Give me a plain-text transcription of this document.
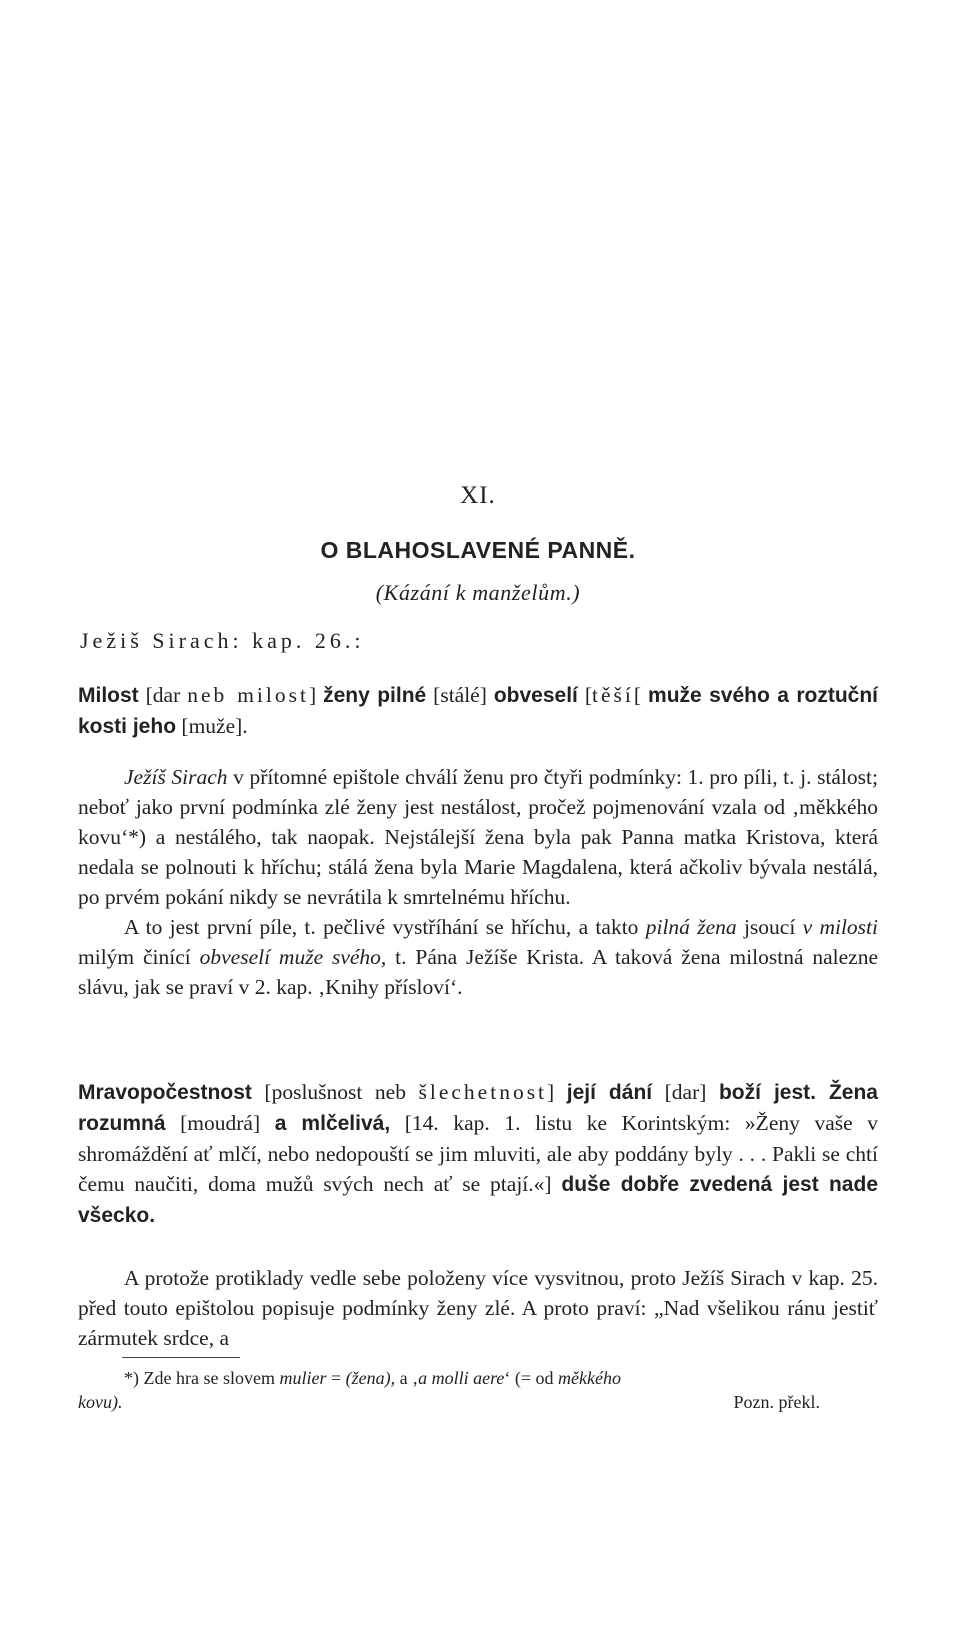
XI.
O BLAHOSLAVENÉ PANNĚ.
(Kázání k manželům.)
Ježiš Sirach: kap. 26.:

Milost [dar neb milost] ženy pilné [stálé] obveselí [těší[ muže svého a roztuční kosti jeho [muže].

Ježíš Sirach v přítomné epištole chválí ženu pro čtyři podmínky: 1. pro píli, t. j. stálost; neboť jako první podmínka zlé ženy jest nestálost, pročež pojmenování vzala od ‚měkkého kovu‘*) a nestálého, tak naopak. Nejstálejší žena byla pak Panna matka Kristova, která nedala se polnouti k hříchu; stálá žena byla Marie Magdalena, která ačkoliv bývala nestálá, po prvém pokání nikdy se nevrátila k smrtelnému hříchu.

A to jest první píle, t. pečlivé vystříhání se hříchu, a takto pilná žena jsoucí v milosti milým činící obveselí muže svého, t. Pána Ježíše Krista. A taková žena milostná nalezne slávu, jak se praví v 2. kap. ‚Knihy přísloví‘.

Mravopočestnost [poslušnost neb šlechetnost] její dání [dar] boží jest. Žena rozumná [moudrá] a mlčelivá, [14. kap. 1. listu ke Korintským: »Ženy vaše v shromáždění ať mlčí, nebo nedopouští se jim mluviti, ale aby poddány byly . . . Pakli se chtí čemu naučiti, doma mužů svých nech ať se ptají.«] duše dobře zvedená jest nade všecko.

A protože protiklady vedle sebe položeny více vysvitnou, proto Ježíš Sirach v kap. 25. před touto epištolou popisuje podmínky ženy zlé. A proto praví: „Nad všelikou ránu jestiť zármutek srdce, a

*) Zde hra se slovem mulier = (žena), a ‚a molli aere‘ (= od měkkého
kovu).	Pozn. překl.
